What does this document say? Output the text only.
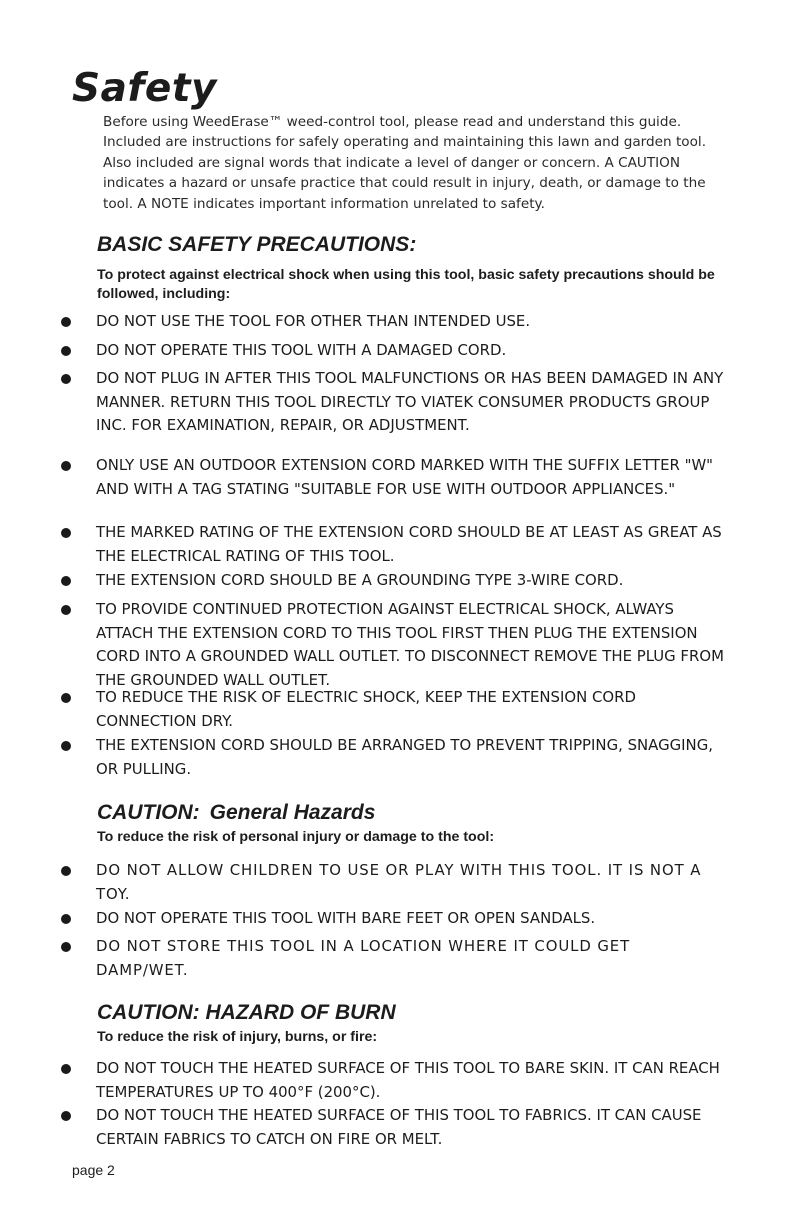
Safety

Before using WeedErase™ weed-control tool, please read and understand this guide. Included are instructions for safely operating and maintaining this lawn and garden tool. Also included are signal words that indicate a level of danger or concern. A CAUTION indicates a hazard or unsafe practice that could result in injury, death, or damage to the tool. A NOTE indicates important information unrelated to safety.

BASIC SAFETY PRECAUTIONS:

To protect against electrical shock when using this tool, basic safety precautions should be followed, including:

DO NOT USE THE TOOL FOR OTHER THAN INTENDED USE.
DO NOT OPERATE THIS TOOL WITH A DAMAGED CORD.
DO NOT PLUG IN AFTER THIS TOOL MALFUNCTIONS OR HAS BEEN DAMAGED IN ANY MANNER. RETURN THIS TOOL DIRECTLY TO VIATEK CONSUMER PRODUCTS GROUP INC. FOR EXAMINATION, REPAIR, OR ADJUSTMENT.
ONLY USE AN OUTDOOR EXTENSION CORD MARKED WITH THE SUFFIX LETTER "W" AND WITH A TAG STATING "SUITABLE FOR USE WITH OUTDOOR APPLIANCES."
THE MARKED RATING OF THE EXTENSION CORD SHOULD BE AT LEAST AS GREAT AS THE ELECTRICAL RATING OF THIS TOOL.
THE EXTENSION CORD SHOULD BE A GROUNDING TYPE 3-WIRE CORD.
TO PROVIDE CONTINUED PROTECTION AGAINST ELECTRICAL SHOCK, ALWAYS ATTACH THE EXTENSION CORD TO THIS TOOL FIRST THEN PLUG THE EXTENSION CORD INTO A GROUNDED WALL OUTLET. TO DISCONNECT REMOVE THE PLUG FROM THE GROUNDED WALL OUTLET.
TO REDUCE THE RISK OF ELECTRIC SHOCK, KEEP THE EXTENSION CORD CONNECTION DRY.
THE EXTENSION CORD SHOULD BE ARRANGED TO PREVENT TRIPPING, SNAGGING, OR PULLING.
CAUTION: General Hazards

To reduce the risk of personal injury or damage to the tool:

DO NOT ALLOW CHILDREN TO USE OR PLAY WITH THIS TOOL. IT IS NOT A TOY.
DO NOT OPERATE THIS TOOL WITH BARE FEET OR OPEN SANDALS.
DO NOT STORE THIS TOOL IN A LOCATION WHERE IT COULD GET DAMP/WET.
CAUTION: HAZARD OF BURN

To reduce the risk of injury, burns, or fire:

DO NOT TOUCH THE HEATED SURFACE OF THIS TOOL TO BARE SKIN. IT CAN REACH TEMPERATURES UP TO 400°F (200°C).
DO NOT TOUCH THE HEATED SURFACE OF THIS TOOL TO FABRICS. IT CAN CAUSE CERTAIN FABRICS TO CATCH ON FIRE OR MELT.

page 2
